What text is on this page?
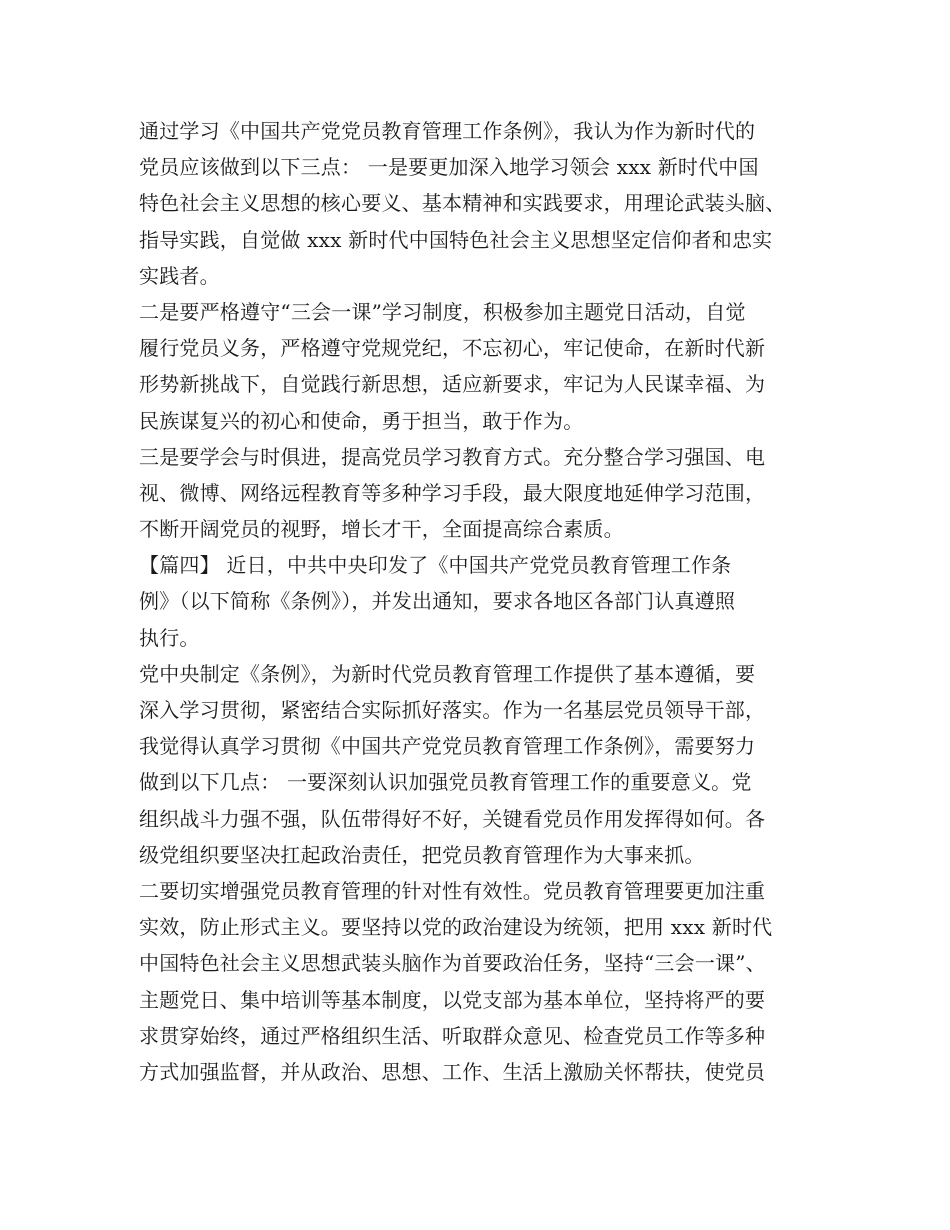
通过学习《中国共产党党员教育管理工作条例》，我认为作为新时代的
党员应该做到以下三点： 一是要更加深入地学习领会 xxx 新时代中国
特色社会主义思想的核心要义、基本精神和实践要求，用理论武装头脑、
指导实践，自觉做 xxx 新时代中国特色社会主义思想坚定信仰者和忠实
实践者。
二是要严格遵守“三会一课”学习制度，积极参加主题党日活动，自觉
履行党员义务，严格遵守党规党纪，不忘初心，牢记使命，在新时代新
形势新挑战下，自觉践行新思想，适应新要求，牢记为人民谋幸福、为
民族谋复兴的初心和使命，勇于担当，敢于作为。
三是要学会与时俱进，提高党员学习教育方式。充分整合学习强国、电
视、微博、网络远程教育等多种学习手段，最大限度地延伸学习范围，
不断开阔党员的视野，增长才干，全面提高综合素质。
【篇四】 近日，中共中央印发了《中国共产党党员教育管理工作条
例》（以下简称《条例》），并发出通知，要求各地区各部门认真遵照
执行。
党中央制定《条例》，为新时代党员教育管理工作提供了基本遵循，要
深入学习贯彻，紧密结合实际抓好落实。作为一名基层党员领导干部，
我觉得认真学习贯彻《中国共产党党员教育管理工作条例》，需要努力
做到以下几点： 一要深刻认识加强党员教育管理工作的重要意义。党
组织战斗力强不强，队伍带得好不好，关键看党员作用发挥得如何。各
级党组织要坚决扛起政治责任，把党员教育管理作为大事来抓。
二要切实增强党员教育管理的针对性有效性。党员教育管理要更加注重
实效，防止形式主义。要坚持以党的政治建设为统领，把用 xxx 新时代
中国特色社会主义思想武装头脑作为首要政治任务，坚持“三会一课”、
主题党日、集中培训等基本制度，以党支部为基本单位，坚持将严的要
求贯穿始终，通过严格组织生活、听取群众意见、检查党员工作等多种
方式加强监督，并从政治、思想、工作、生活上激励关怀帮扶，使党员
